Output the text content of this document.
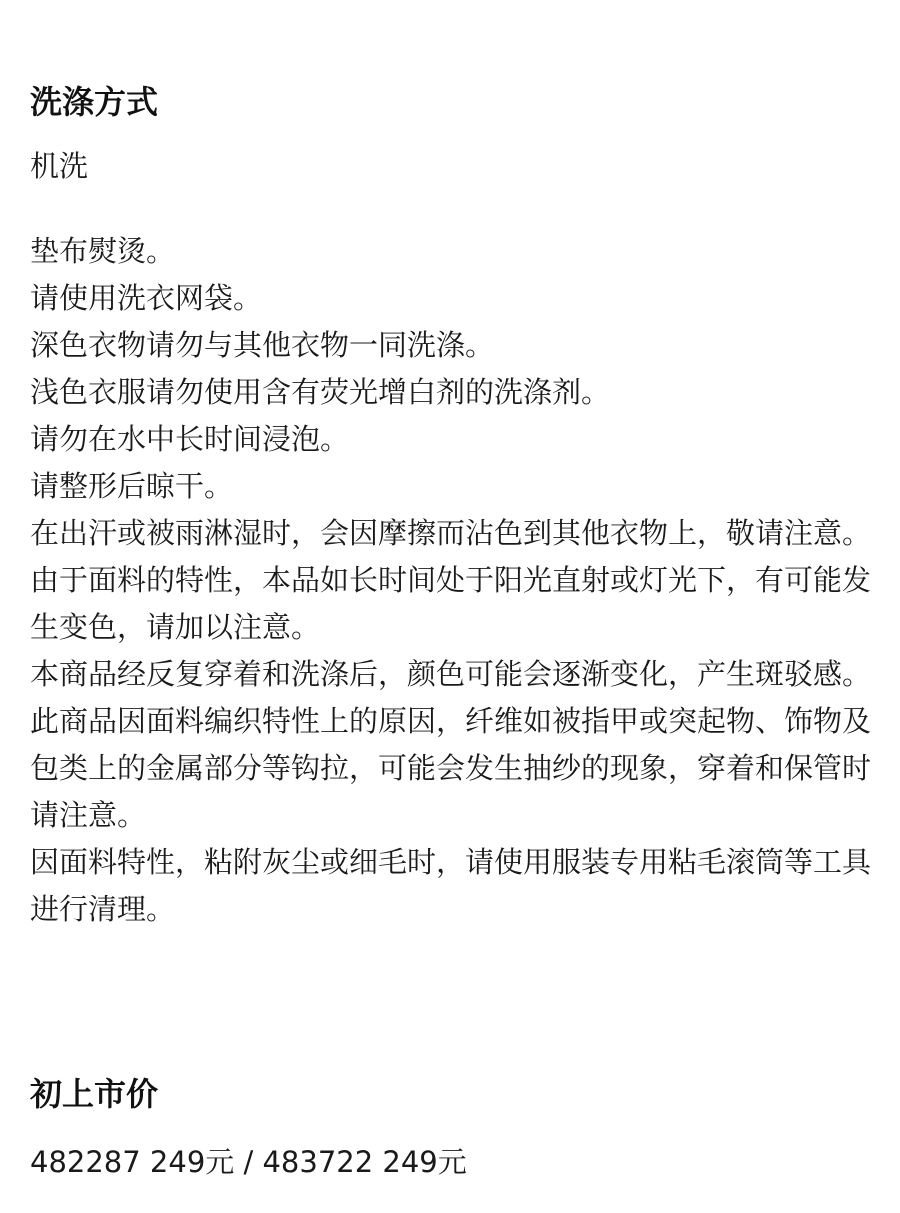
洗涤方式

机洗

垫布熨烫。
请使用洗衣网袋。
深色衣物请勿与其他衣物一同洗涤。
浅色衣服请勿使用含有荧光增白剂的洗涤剂。
请勿在水中长时间浸泡。
请整形后晾干。
在出汗或被雨淋湿时，会因摩擦而沾色到其他衣物上，敬请注意。
由于面料的特性，本品如长时间处于阳光直射或灯光下，有可能发生变色，请加以注意。
本商品经反复穿着和洗涤后，颜色可能会逐渐变化，产生斑驳感。
此商品因面料编织特性上的原因，纤维如被指甲或突起物、饰物及包类上的金属部分等钩拉，可能会发生抽纱的现象，穿着和保管时请注意。
因面料特性，粘附灰尘或细毛时，请使用服装专用粘毛滚筒等工具进行清理。
初上市价

482287 249元 / 483722 249元
